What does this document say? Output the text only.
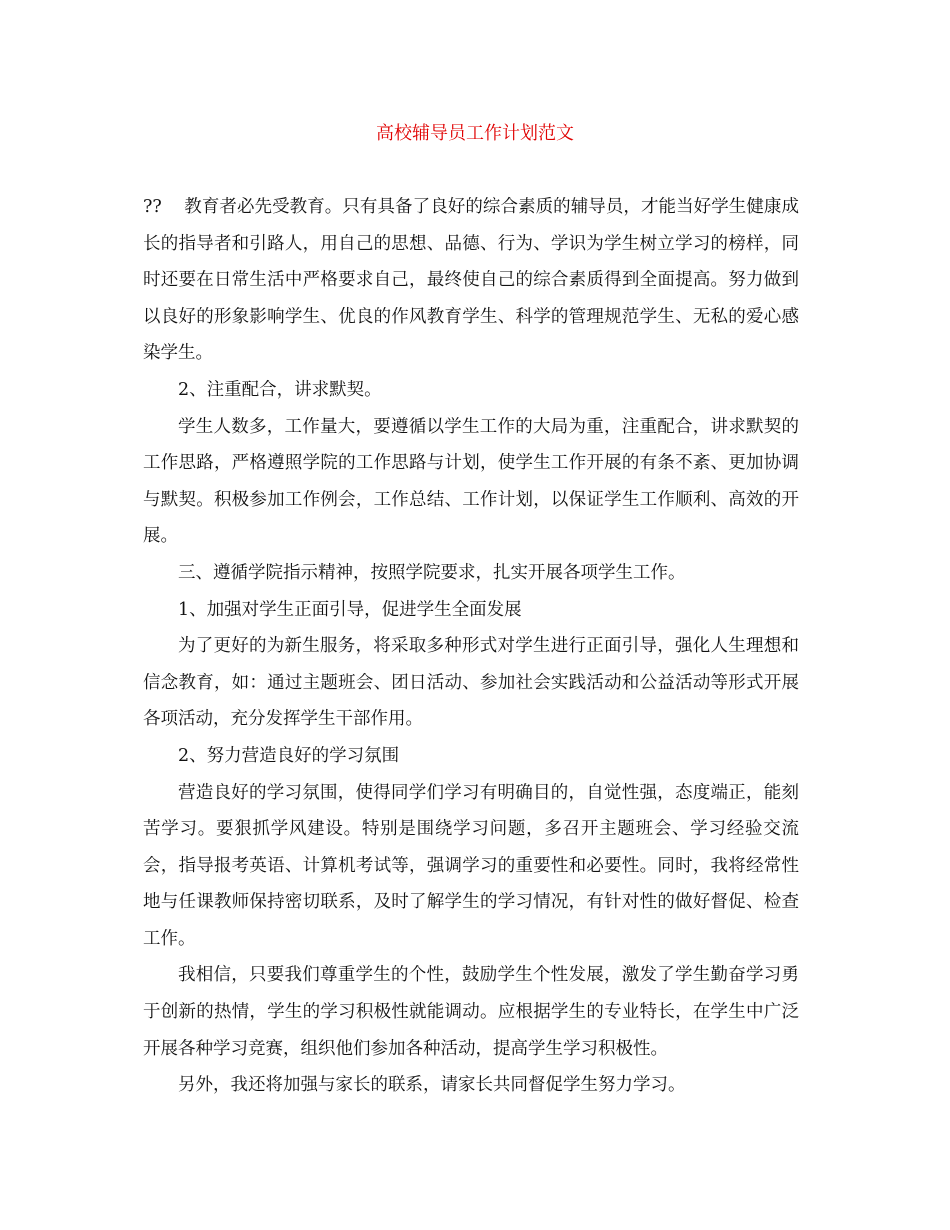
高校辅导员工作计划范文

??    教育者必先受教育。只有具备了良好的综合素质的辅导员，才能当好学生健康成长的指导者和引路人，用自己的思想、品德、行为、学识为学生树立学习的榜样，同时还要在日常生活中严格要求自己，最终使自己的综合素质得到全面提高。努力做到以良好的形象影响学生、优良的作风教育学生、科学的管理规范学生、无私的爱心感染学生。

2、注重配合，讲求默契。

学生人数多，工作量大，要遵循以学生工作的大局为重，注重配合，讲求默契的工作思路，严格遵照学院的工作思路与计划，使学生工作开展的有条不紊、更加协调与默契。积极参加工作例会，工作总结、工作计划，以保证学生工作顺利、高效的开展。

三、遵循学院指示精神，按照学院要求，扎实开展各项学生工作。

1、加强对学生正面引导，促进学生全面发展

为了更好的为新生服务，将采取多种形式对学生进行正面引导，强化人生理想和信念教育，如：通过主题班会、团日活动、参加社会实践活动和公益活动等形式开展各项活动，充分发挥学生干部作用。

2、努力营造良好的学习氛围

营造良好的学习氛围，使得同学们学习有明确目的，自觉性强，态度端正，能刻苦学习。要狠抓学风建设。特别是围绕学习问题，多召开主题班会、学习经验交流会，指导报考英语、计算机考试等，强调学习的重要性和必要性。同时，我将经常性地与任课教师保持密切联系，及时了解学生的学习情况，有针对性的做好督促、检查工作。

我相信，只要我们尊重学生的个性，鼓励学生个性发展，激发了学生勤奋学习勇于创新的热情，学生的学习积极性就能调动。应根据学生的专业特长，在学生中广泛开展各种学习竞赛，组织他们参加各种活动，提高学生学习积极性。

另外，我还将加强与家长的联系，请家长共同督促学生努力学习。
